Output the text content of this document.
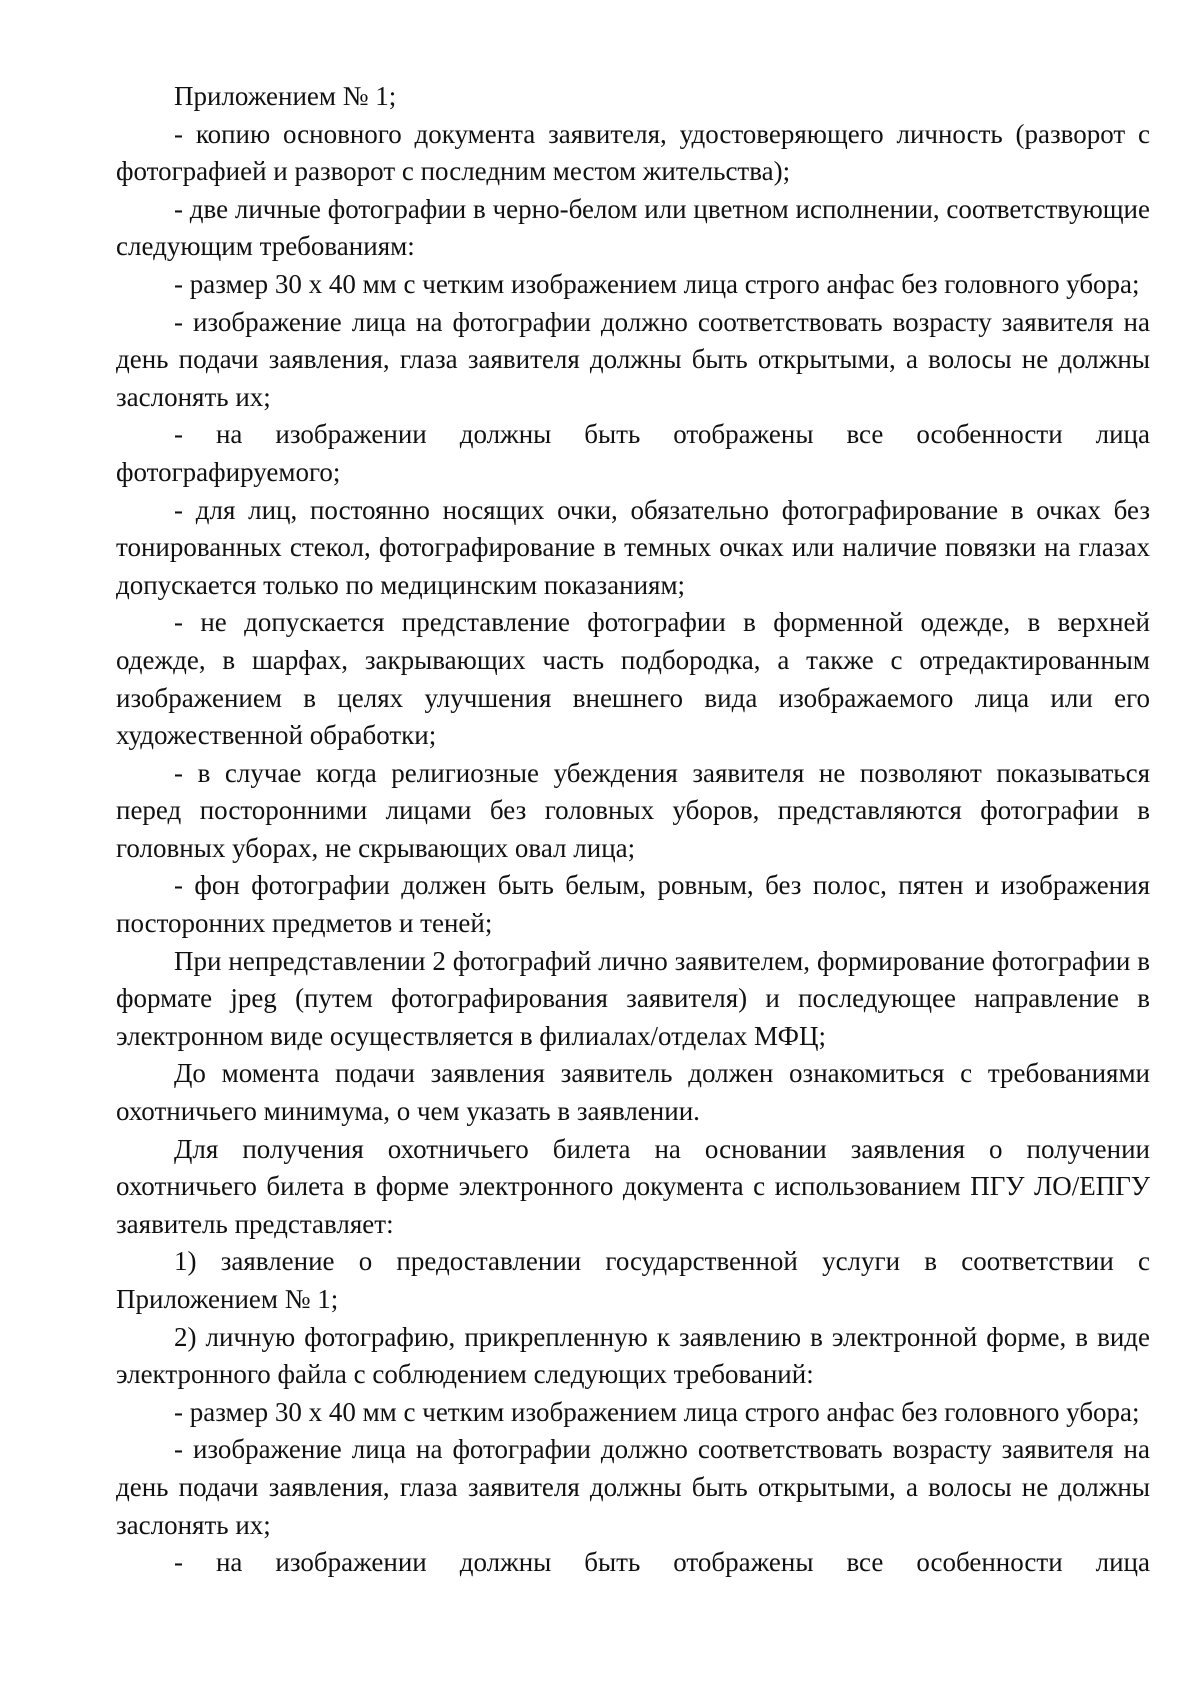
Приложением № 1;

- копию основного документа заявителя, удостоверяющего личность (разворот с фотографией и разворот с последним местом жительства);

- две личные фотографии в черно-белом или цветном исполнении, соответствующие следующим требованиям:

- размер 30 х 40 мм с четким изображением лица строго анфас без головного убора;

- изображение лица на фотографии должно соответствовать возрасту заявителя на день подачи заявления, глаза заявителя должны быть открытыми, а волосы не должны заслонять их;

- на изображении должны быть отображены все особенности лица фотографируемого;

- для лиц, постоянно носящих очки, обязательно фотографирование в очках без тонированных стекол, фотографирование в темных очках или наличие повязки на глазах допускается только по медицинским показаниям;

- не допускается представление фотографии в форменной одежде, в верхней одежде, в шарфах, закрывающих часть подбородка, а также с отредактированным изображением в целях улучшения внешнего вида изображаемого лица или его художественной обработки;

- в случае когда религиозные убеждения заявителя не позволяют показываться перед посторонними лицами без головных уборов, представляются фотографии в головных уборах, не скрывающих овал лица;

- фон фотографии должен быть белым, ровным, без полос, пятен и изображения посторонних предметов и теней;

При непредставлении 2 фотографий лично заявителем, формирование фотографии в формате jpeg (путем фотографирования заявителя) и последующее направление в электронном виде осуществляется в филиалах/отделах МФЦ;

До момента подачи заявления заявитель должен ознакомиться с требованиями охотничьего минимума, о чем указать в заявлении.

Для получения охотничьего билета на основании заявления о получении охотничьего билета в форме электронного документа с использованием ПГУ ЛО/ЕПГУ заявитель представляет:

1) заявление о предоставлении государственной услуги в соответствии с Приложением № 1;

2) личную фотографию, прикрепленную к заявлению в электронной форме, в виде электронного файла с соблюдением следующих требований:

- размер 30 х 40 мм с четким изображением лица строго анфас без головного убора;

- изображение лица на фотографии должно соответствовать возрасту заявителя на день подачи заявления, глаза заявителя должны быть открытыми, а волосы не должны заслонять их;

- на изображении должны быть отображены все особенности лица
